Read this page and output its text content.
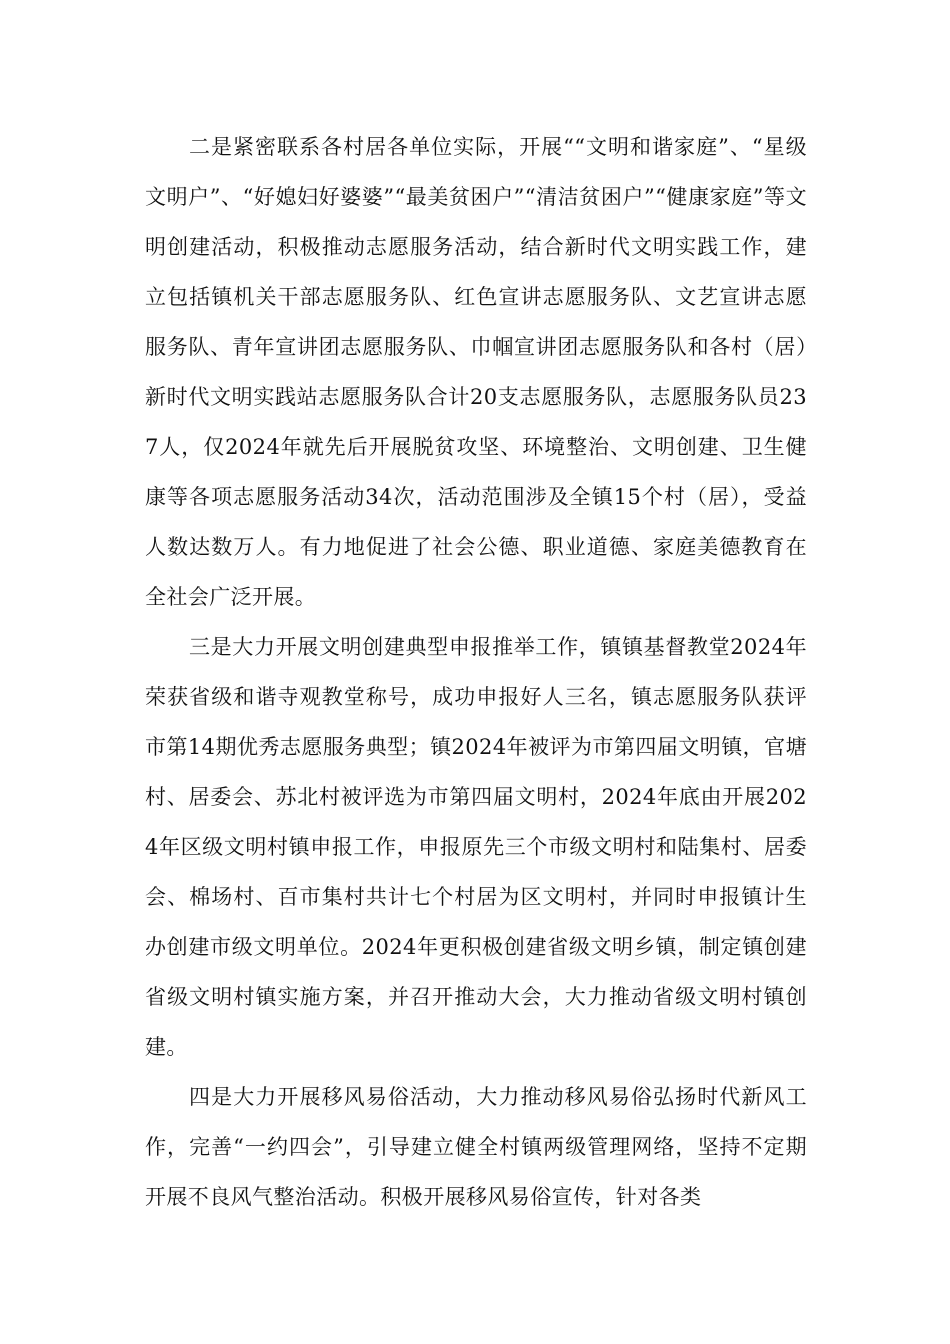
二是紧密联系各村居各单位实际，开展““文明和谐家庭”、“星级文明户”、“好媳妇好婆婆”“最美贫困户”“清洁贫困户”“健康家庭”等文明创建活动，积极推动志愿服务活动，结合新时代文明实践工作，建立包括镇机关干部志愿服务队、红色宣讲志愿服务队、文艺宣讲志愿服务队、青年宣讲团志愿服务队、巾帼宣讲团志愿服务队和各村（居）新时代文明实践站志愿服务队合计20支志愿服务队，志愿服务队员237人，仅2024年就先后开展脱贫攻坚、环境整治、文明创建、卫生健康等各项志愿服务活动34次，活动范围涉及全镇15个村（居），受益人数达数万人。有力地促进了社会公德、职业道德、家庭美德教育在全社会广泛开展。

三是大力开展文明创建典型申报推举工作，镇镇基督教堂2024年荣获省级和谐寺观教堂称号，成功申报好人三名，镇志愿服务队获评市第14期优秀志愿服务典型；镇2024年被评为市第四届文明镇，官塘村、居委会、苏北村被评选为市第四届文明村，2024年底由开展2024年区级文明村镇申报工作，申报原先三个市级文明村和陆集村、居委会、棉场村、百市集村共计七个村居为区文明村，并同时申报镇计生办创建市级文明单位。2024年更积极创建省级文明乡镇，制定镇创建省级文明村镇实施方案，并召开推动大会，大力推动省级文明村镇创建。

四是大力开展移风易俗活动，大力推动移风易俗弘扬时代新风工作，完善“一约四会”，引导建立健全村镇两级管理网络，坚持不定期开展不良风气整治活动。积极开展移风易俗宣传，针对各类
